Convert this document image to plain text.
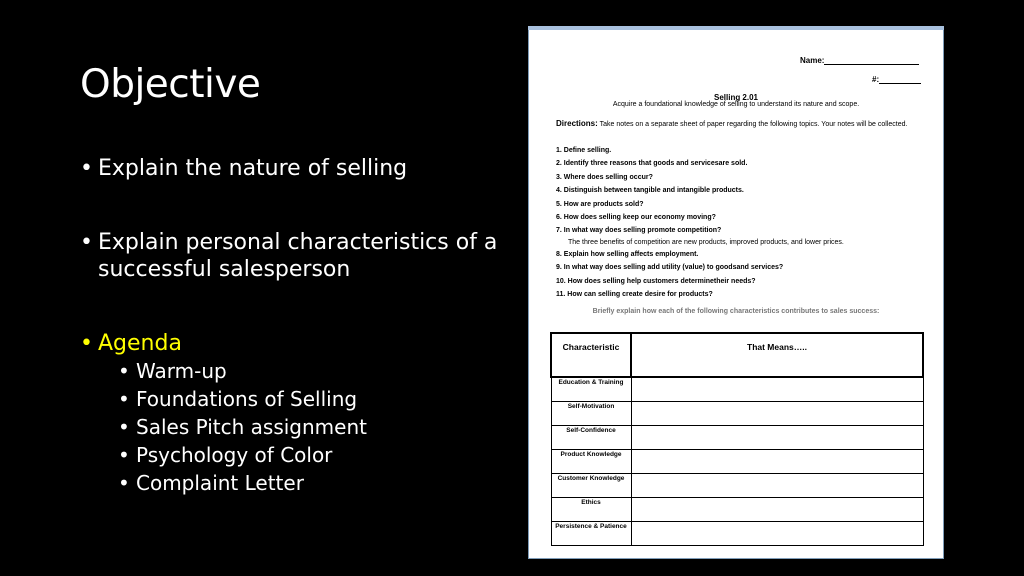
Objective
• Explain the nature of selling
• Explain personal characteristics of a successful salesperson
• Agenda
• Warm-up
• Foundations of Selling
• Sales Pitch assignment
• Psychology of Color
• Complaint Letter
Name:
#:
Selling 2.01
Acquire a foundational knowledge of selling to understand its nature and scope.
Directions: Take notes on a separate sheet of paper regarding the following topics. Your notes will be collected.
1. Define selling.
2. Identify three reasons that goods and servicesare sold.
3. Where does selling occur?
4. Distinguish between tangible and intangible products.
5. How are products sold?
6. How does selling keep our economy moving?
7. In what way does selling promote competition?
The three benefits of competition are new products, improved products, and lower prices.
8. Explain how selling affects employment.
9. In what way does selling add utility (value) to goodsand services?
10. How does selling help customers determinetheir needs?
11. How can selling create desire for products?
Briefly explain how each of the following characteristics contributes to sales success:
Characteristic	That Means…..
Education & Training	
Self-Motivation	
Self-Confidence	
Product Knowledge	
Customer Knowledge	
Ethics	
Persistence & Patience	
